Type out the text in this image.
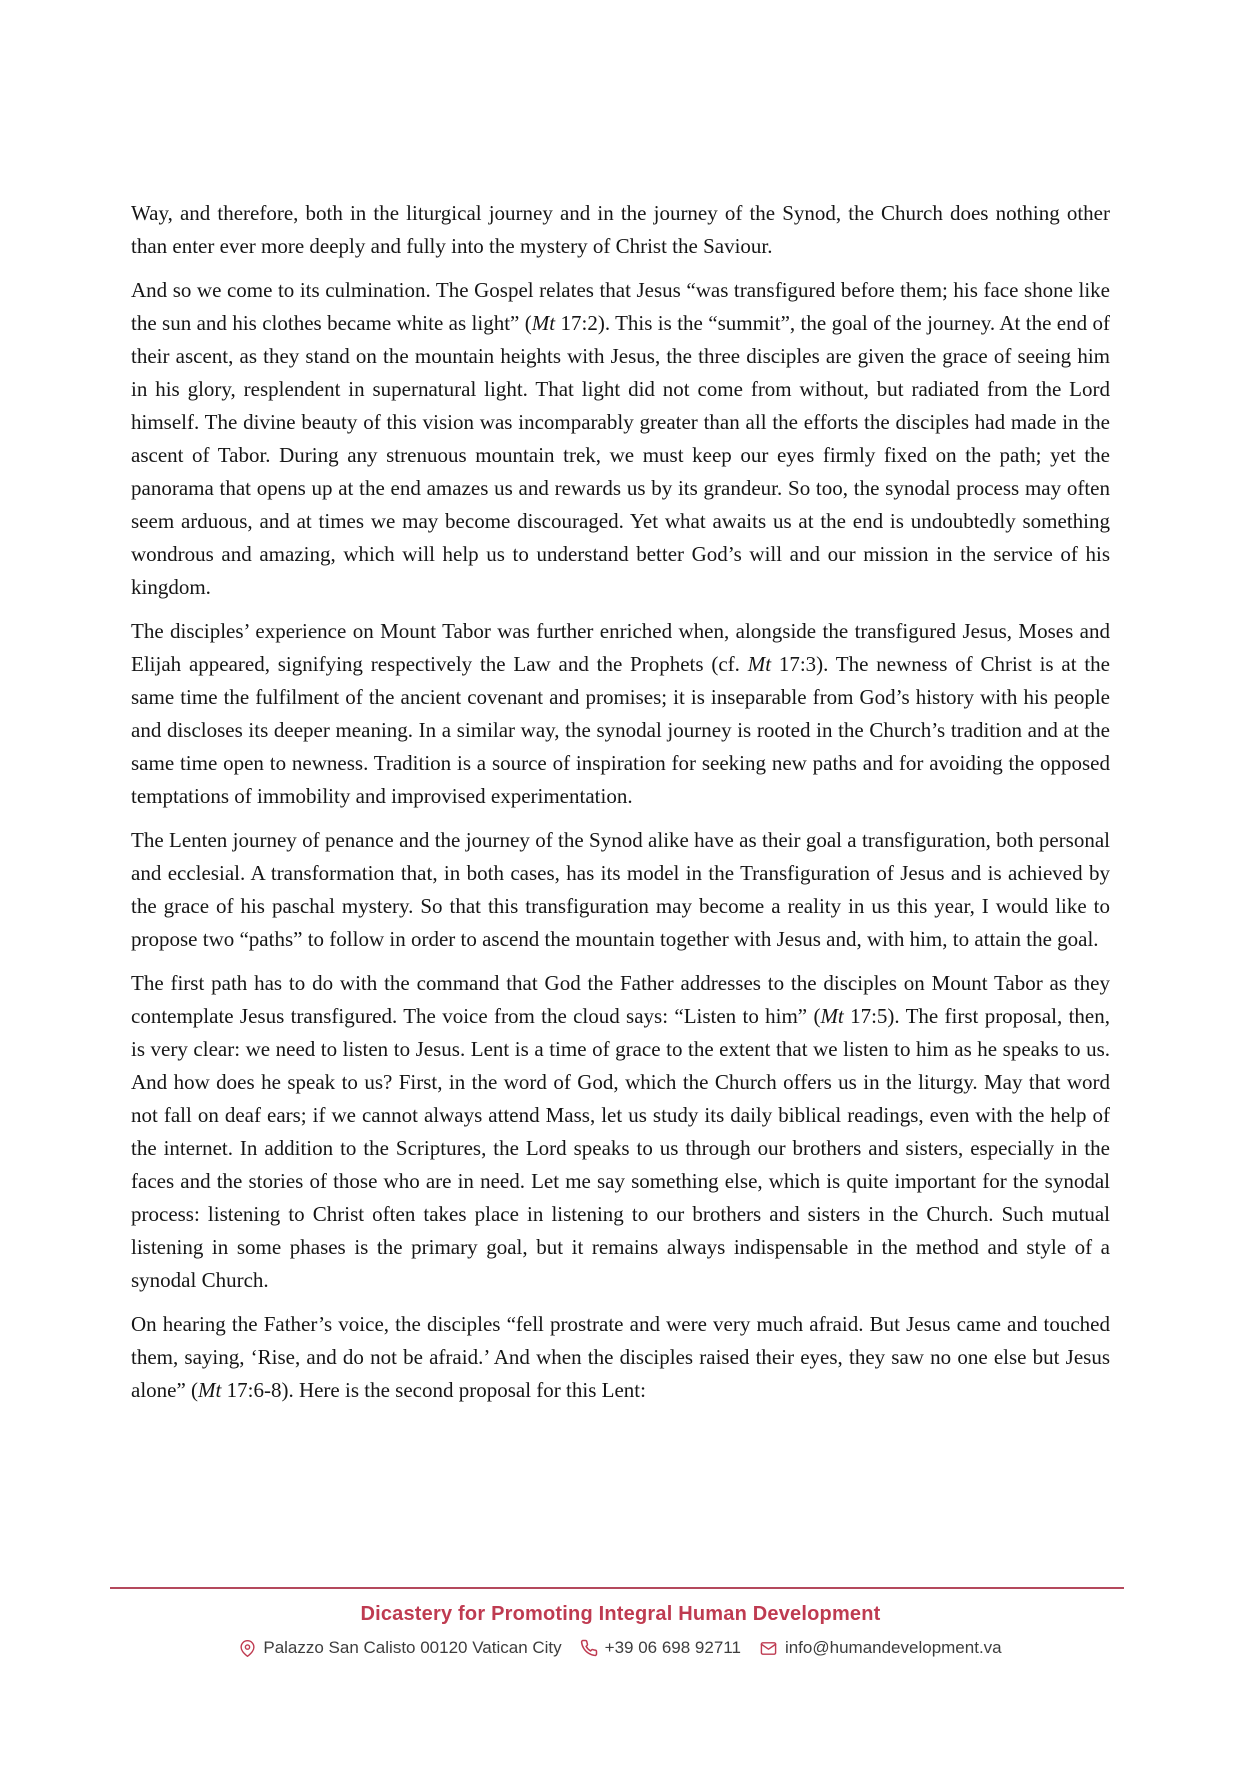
Way, and therefore, both in the liturgical journey and in the journey of the Synod, the Church does nothing other than enter ever more deeply and fully into the mystery of Christ the Saviour.

And so we come to its culmination. The Gospel relates that Jesus “was transfigured before them; his face shone like the sun and his clothes became white as light” (Mt 17:2). This is the “summit”, the goal of the journey. At the end of their ascent, as they stand on the mountain heights with Jesus, the three disciples are given the grace of seeing him in his glory, resplendent in supernatural light. That light did not come from without, but radiated from the Lord himself. The divine beauty of this vision was incomparably greater than all the efforts the disciples had made in the ascent of Tabor. During any strenuous mountain trek, we must keep our eyes firmly fixed on the path; yet the panorama that opens up at the end amazes us and rewards us by its grandeur. So too, the synodal process may often seem arduous, and at times we may become discouraged. Yet what awaits us at the end is undoubtedly something wondrous and amazing, which will help us to understand better God’s will and our mission in the service of his kingdom.

The disciples’ experience on Mount Tabor was further enriched when, alongside the transfigured Jesus, Moses and Elijah appeared, signifying respectively the Law and the Prophets (cf. Mt 17:3). The newness of Christ is at the same time the fulfilment of the ancient covenant and promises; it is inseparable from God’s history with his people and discloses its deeper meaning. In a similar way, the synodal journey is rooted in the Church’s tradition and at the same time open to newness. Tradition is a source of inspiration for seeking new paths and for avoiding the opposed temptations of immobility and improvised experimentation.

The Lenten journey of penance and the journey of the Synod alike have as their goal a transfiguration, both personal and ecclesial. A transformation that, in both cases, has its model in the Transfiguration of Jesus and is achieved by the grace of his paschal mystery. So that this transfiguration may become a reality in us this year, I would like to propose two “paths” to follow in order to ascend the mountain together with Jesus and, with him, to attain the goal.

The first path has to do with the command that God the Father addresses to the disciples on Mount Tabor as they contemplate Jesus transfigured. The voice from the cloud says: “Listen to him” (Mt 17:5). The first proposal, then, is very clear: we need to listen to Jesus. Lent is a time of grace to the extent that we listen to him as he speaks to us. And how does he speak to us? First, in the word of God, which the Church offers us in the liturgy. May that word not fall on deaf ears; if we cannot always attend Mass, let us study its daily biblical readings, even with the help of the internet. In addition to the Scriptures, the Lord speaks to us through our brothers and sisters, especially in the faces and the stories of those who are in need. Let me say something else, which is quite important for the synodal process: listening to Christ often takes place in listening to our brothers and sisters in the Church. Such mutual listening in some phases is the primary goal, but it remains always indispensable in the method and style of a synodal Church.

On hearing the Father’s voice, the disciples “fell prostrate and were very much afraid. But Jesus came and touched them, saying, ‘Rise, and do not be afraid.’ And when the disciples raised their eyes, they saw no one else but Jesus alone” (Mt 17:6-8). Here is the second proposal for this Lent:

Dicastery for Promoting Integral Human Development
Palazzo San Calisto 00120 Vatican City	+39 06 698 92711	info@humandevelopment.va
